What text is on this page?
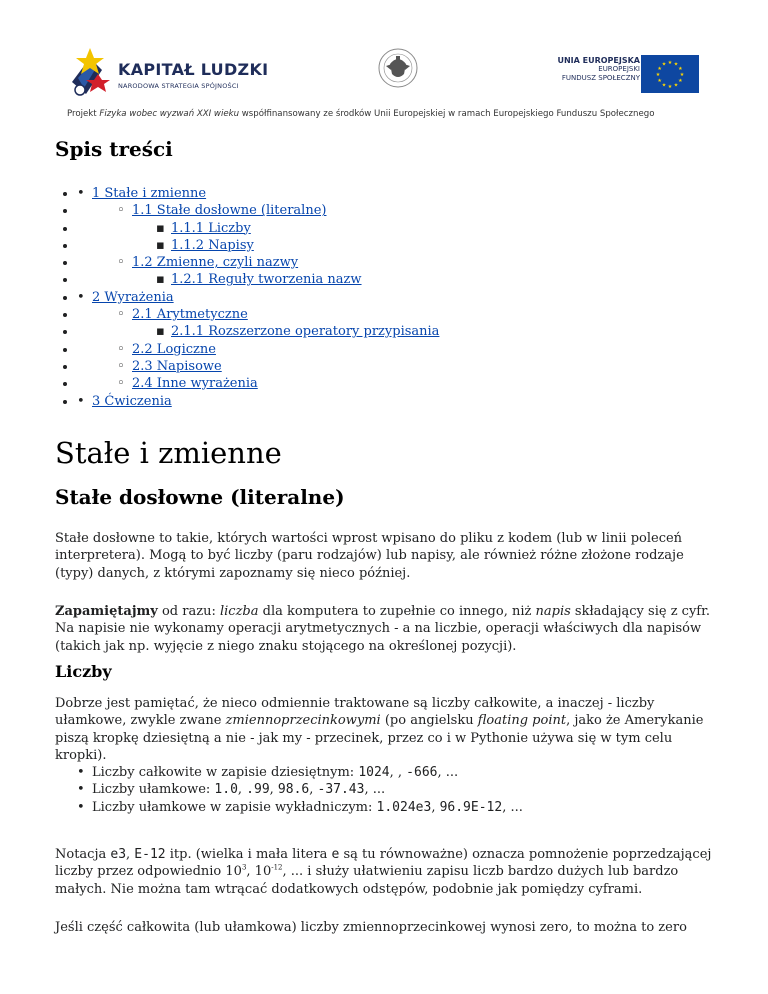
KAPITAŁ LUDZKI
NARODOWA STRATEGIA SPÓJNOŚCI
UNIA EUROPEJSKA
EUROPEJSKI
FUNDUSZ SPOŁECZNY	★
★
★
★
★
★
★
★
★ ★ ★
★
Projekt Fizyka wobec wyzwań XXI wieku współfinansowany ze środków Unii Europejskiej w ramach Europejskiego Funduszu Społecznego
Spis treści
• • 1 Stałe i zmienne
• ◦ 1.1 Stałe dosłowne (literalne)
• ▪ 1.1.1 Liczby
• ▪ 1.1.2 Napisy
• ◦ 1.2 Zmienne, czyli nazwy
• ▪ 1.2.1 Reguły tworzenia nazw
• • 2 Wyrażenia
• ◦ 2.1 Arytmetyczne
• ▪ 2.1.1 Rozszerzone operatory przypisania
• ◦ 2.2 Logiczne
• ◦ 2.3 Napisowe
• ◦ 2.4 Inne wyrażenia
• • 3 Ćwiczenia
Stałe i zmienne
Stałe dosłowne (literalne)

Stałe dosłowne to takie, których wartości wprost wpisano do pliku z kodem (lub w linii poleceń interpretera). Mogą to być liczby (paru rodzajów) lub napisy, ale również różne złożone rodzaje (typy) danych, z którymi zapoznamy się nieco później.

Zapamiętajmy od razu: liczba dla komputera to zupełnie co innego, niż napis składający się z cyfr. Na napisie nie wykonamy operacji arytmetycznych - a na liczbie, operacji właściwych dla napisów (takich jak np. wyjęcie z niego znaku stojącego na określonej pozycji).

Liczby

Dobrze jest pamiętać, że nieco odmiennie traktowane są liczby całkowite, a inaczej - liczby ułamkowe, zwykle zwane zmiennoprzecinkowymi (po angielsku floating point, jako że Amerykanie piszą kropkę dziesiętną a nie - jak my - przecinek, przez co i w Pythonie używa się w tym celu kropki).

• Liczby całkowite w zapisie dziesiętnym: 1024, , -666, ...
• Liczby ułamkowe: 1.0, .99, 98.6, -37.43, ...
• Liczby ułamkowe w zapisie wykładniczym: 1.024e3, 96.9E-12, ...

Notacja e3, E-12 itp. (wielka i mała litera e są tu równoważne) oznacza pomnożenie poprzedzającej liczby przez odpowiednio $10^3$, $10^{-12}$, ... i służy ułatwieniu zapisu liczb bardzo dużych lub bardzo małych. Nie można tam wtrącać dodatkowych odstępów, podobnie jak pomiędzy cyframi.

Jeśli część całkowita (lub ułamkowa) liczby zmiennoprzecinkowej wynosi zero, to można to zero
